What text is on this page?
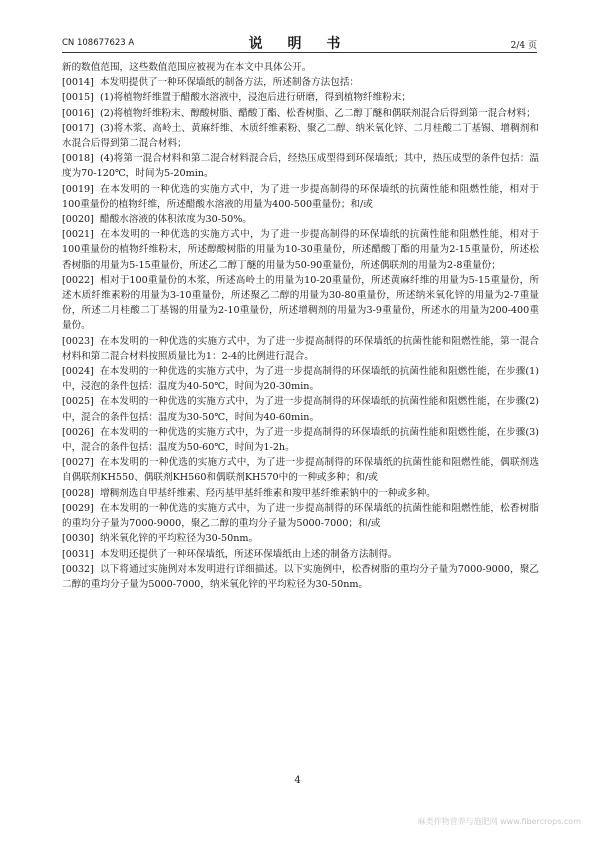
CN 108677623 A	说 明 书	2/4 页

新的数值范围，这些数值范围应被视为在本文中具体公开。

[0014] 本发明提供了一种环保墙纸的制备方法，所述制备方法包括：

[0015] (1)将植物纤维置于醋酸水溶液中，浸泡后进行研磨，得到植物纤维粉末；

[0016] (2)将植物纤维粉末、醇酸树脂、醋酸丁酯、松香树脂、乙二醇丁醚和偶联剂混合后得到第一混合材料；

[0017] (3)将木浆、高岭土、黄麻纤维、木质纤维素粉、聚乙二醇、纳米氧化锌、二月桂酸二丁基锡、增稠剂和水混合后得到第二混合材料；

[0018] (4)将第一混合材料和第二混合材料混合后，经热压成型得到环保墙纸；其中，热压成型的条件包括：温度为70-120℃，时间为5-20min。

[0019] 在本发明的一种优选的实施方式中，为了进一步提高制得的环保墙纸的抗菌性能和阻燃性能，相对于100重量份的植物纤维，所述醋酸水溶液的用量为400-500重量份；和/或

[0020] 醋酸水溶液的体积浓度为30-50%。

[0021] 在本发明的一种优选的实施方式中，为了进一步提高制得的环保墙纸的抗菌性能和阻燃性能，相对于100重量份的植物纤维粉末，所述醇酸树脂的用量为10-30重量份，所述醋酸丁酯的用量为2-15重量份，所述松香树脂的用量为5-15重量份，所述乙二醇丁醚的用量为50-90重量份，所述偶联剂的用量为2-8重量份；

[0022] 相对于100重量份的木浆，所述高岭土的用量为10-20重量份，所述黄麻纤维的用量为5-15重量份，所述木质纤维素粉的用量为3-10重量份，所述聚乙二醇的用量为30-80重量份，所述纳米氧化锌的用量为2-7重量份，所述二月桂酸二丁基锡的用量为2-10重量份，所述增稠剂的用量为3-9重量份，所述水的用量为200-400重量份。

[0023] 在本发明的一种优选的实施方式中，为了进一步提高制得的环保墙纸的抗菌性能和阻燃性能，第一混合材料和第二混合材料按照质量比为1：2-4的比例进行混合。

[0024] 在本发明的一种优选的实施方式中，为了进一步提高制得的环保墙纸的抗菌性能和阻燃性能，在步骤(1)中，浸泡的条件包括：温度为40-50℃，时间为20-30min。

[0025] 在本发明的一种优选的实施方式中，为了进一步提高制得的环保墙纸的抗菌性能和阻燃性能，在步骤(2)中，混合的条件包括：温度为30-50℃，时间为40-60min。

[0026] 在本发明的一种优选的实施方式中，为了进一步提高制得的环保墙纸的抗菌性能和阻燃性能，在步骤(3)中，混合的条件包括：温度为50-60℃，时间为1-2h。

[0027] 在本发明的一种优选的实施方式中，为了进一步提高制得的环保墙纸的抗菌性能和阻燃性能，偶联剂选自偶联剂KH550、偶联剂KH560和偶联剂KH570中的一种或多种；和/或

[0028] 增稠剂选自甲基纤维素、羟丙基甲基纤维素和羧甲基纤维素钠中的一种或多种。

[0029] 在本发明的一种优选的实施方式中，为了进一步提高制得的环保墙纸的抗菌性能和阻燃性能，松香树脂的重均分子量为7000-9000，聚乙二醇的重均分子量为5000-7000；和/或

[0030] 纳米氧化锌的平均粒径为30-50nm。

[0031] 本发明还提供了一种环保墙纸，所述环保墙纸由上述的制备方法制得。

[0032] 以下将通过实施例对本发明进行详细描述。以下实施例中，松香树脂的重均分子量为7000-9000，聚乙二醇的重均分子量为5000-7000，纳米氧化锌的平均粒径为30-50nm。

4
麻类作物营养与施肥网 www.fibercrops.com
